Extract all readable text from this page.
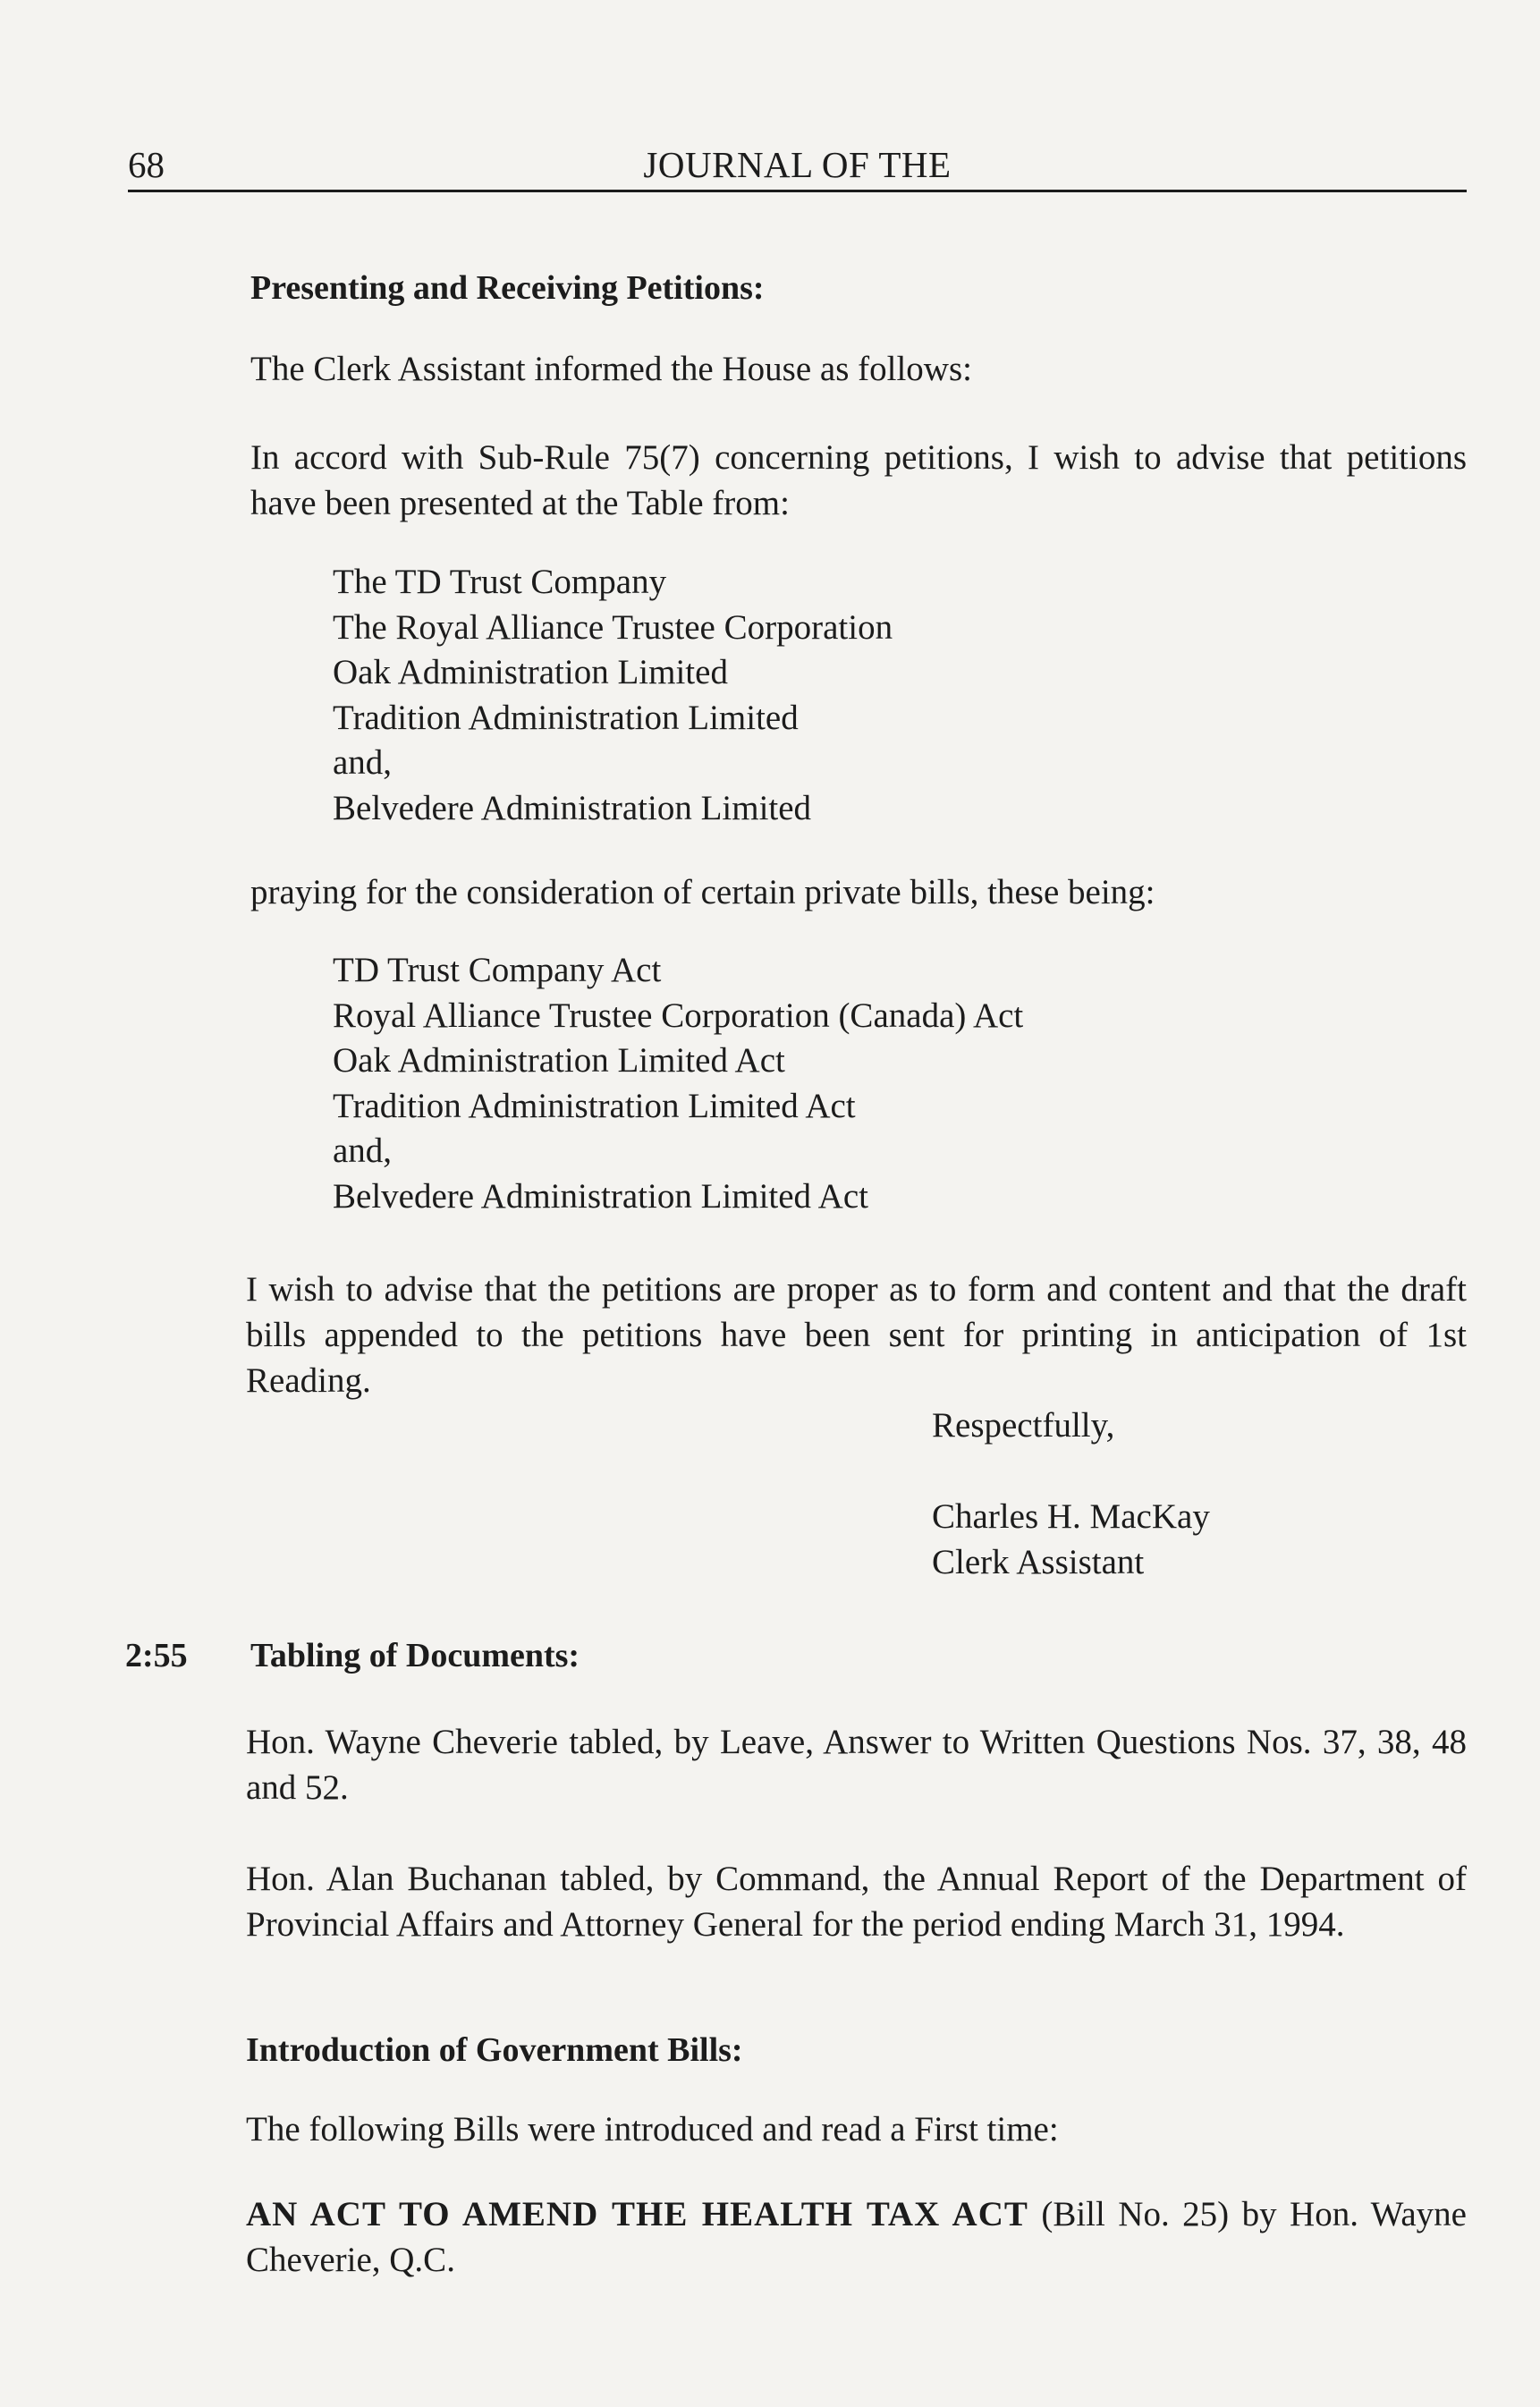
68	JOURNAL OF THE
Presenting and Receiving Petitions:
The Clerk Assistant informed the House as follows:
In accord with Sub-Rule 75(7) concerning petitions, I wish to advise that petitions have been presented at the Table from:
The TD Trust Company
The Royal Alliance Trustee Corporation
Oak Administration Limited
Tradition Administration Limited
and,
Belvedere Administration Limited
praying for the consideration of certain private bills, these being:
TD Trust Company Act
Royal Alliance Trustee Corporation (Canada) Act
Oak Administration Limited Act
Tradition Administration Limited Act
and,
Belvedere Administration Limited Act
I wish to advise that the petitions are proper as to form and content and that the draft bills appended to the petitions have been sent for printing in anticipation of 1st Reading.
Respectfully,
Charles H. MacKay
Clerk Assistant
2:55 Tabling of Documents:
Hon. Wayne Cheverie tabled, by Leave, Answer to Written Questions Nos. 37, 38, 48 and 52.
Hon. Alan Buchanan tabled, by Command, the Annual Report of the Department of Provincial Affairs and Attorney General for the period ending March 31, 1994.
Introduction of Government Bills:
The following Bills were introduced and read a First time:
AN ACT TO AMEND THE HEALTH TAX ACT (Bill No. 25) by Hon. Wayne Cheverie, Q.C.
